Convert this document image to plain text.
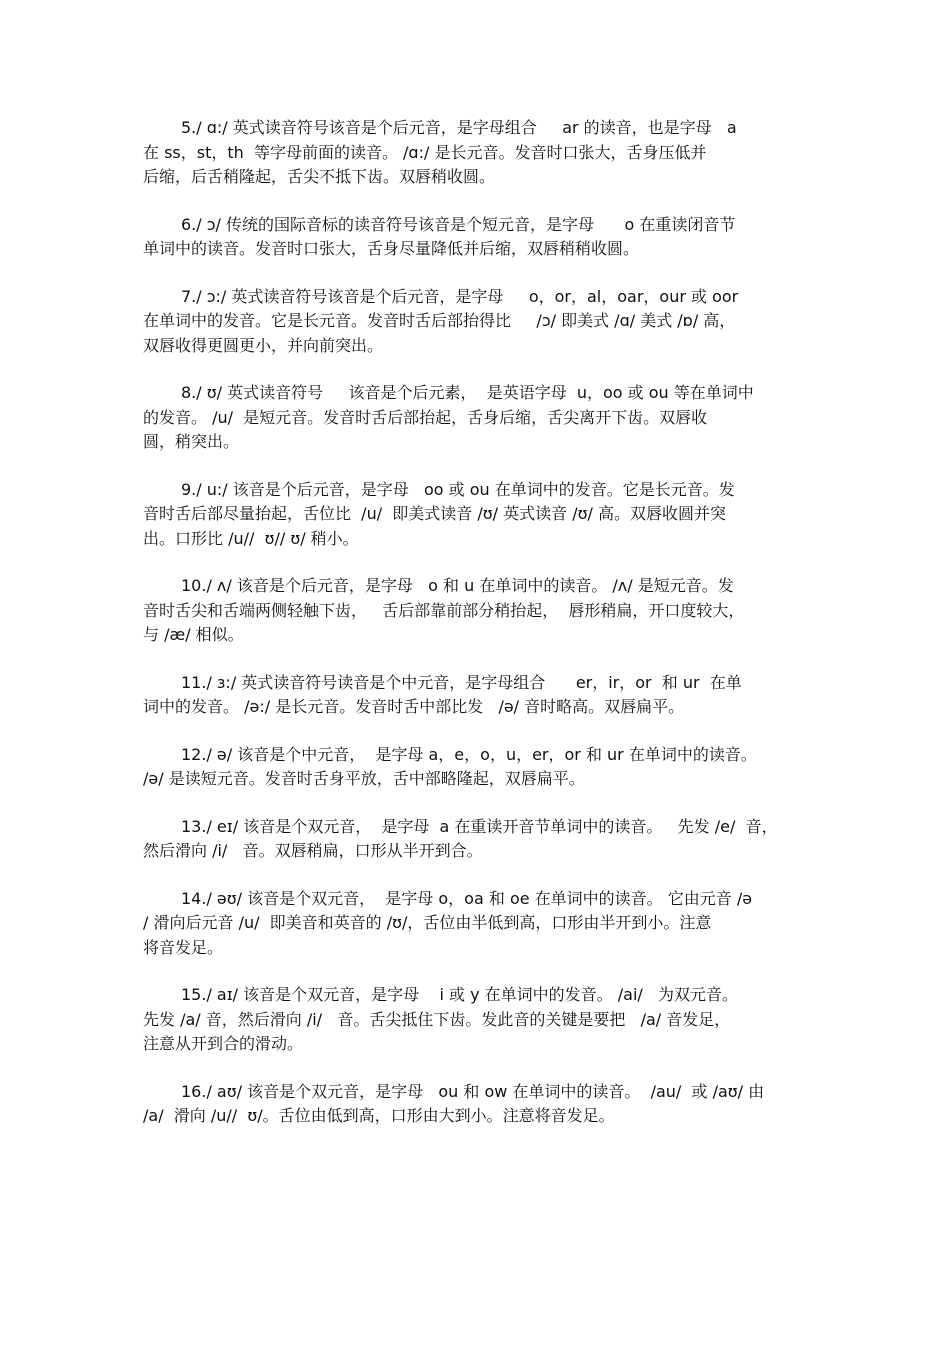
5./ ɑ:/ 英式读音符号该音是个后元音，是字母组合     ar 的读音，也是字母   a
在 ss，st，th  等字母前面的读音。 /ɑ:/ 是长元音。发音时口张大，舌身压低并
后缩，后舌稍隆起，舌尖不抵下齿。双唇稍收圆。
6./ ɔ/ 传统的国际音标的读音符号该音是个短元音，是字母      o 在重读闭音节
单词中的读音。发音时口张大，舌身尽量降低并后缩，双唇稍稍收圆。
7./ ɔ:/ 英式读音符号该音是个后元音，是字母     o，or，al，oar，our 或 oor
在单词中的发音。它是长元音。发音时舌后部抬得比     /ɔ/ 即美式 /ɑ/ 美式 /ɒ/ 高，
双唇收得更圆更小，并向前突出。
8./ ʊ/ 英式读音符号     该音是个后元素，  是英语字母  u，oo 或 ou 等在单词中
的发音。 /u/  是短元音。发音时舌后部抬起，舌身后缩，舌尖离开下齿。双唇收
圆，稍突出。
9./ u:/ 该音是个后元音，是字母   oo 或 ou 在单词中的发音。它是长元音。发
音时舌后部尽量抬起，舌位比  /u/  即美式读音 /ʊ/ 英式读音 /ʊ/ 高。双唇收圆并突
出。口形比 /u//  ʊ// ʊ/ 稍小。
10./ ʌ/ 该音是个后元音，是字母   o 和 u 在单词中的读音。 /ʌ/ 是短元音。发
音时舌尖和舌端两侧轻触下齿，   舌后部靠前部分稍抬起，  唇形稍扁，开口度较大，
与 /æ/ 相似。
11./ ɜ:/ 英式读音符号读音是个中元音，是字母组合      er，ir，or  和 ur  在单
词中的发音。 /ə:/ 是长元音。发音时舌中部比发   /ə/ 音时略高。双唇扁平。
12./ ə/ 该音是个中元音，  是字母 a，e，o，u，er，or 和 ur 在单词中的读音。
/ə/ 是读短元音。发音时舌身平放，舌中部略隆起，双唇扁平。
13./ eɪ/ 该音是个双元音，  是字母  a 在重读开音节单词中的读音。   先发 /e/  音，
然后滑向 /i/   音。双唇稍扁，口形从半开到合。
14./ əʊ/ 该音是个双元音，  是字母 o，oa 和 oe 在单词中的读音。 它由元音 /ə
/ 滑向后元音 /u/  即美音和英音的 /ʊ/，舌位由半低到高，口形由半开到小。注意
将音发足。
15./ aɪ/ 该音是个双元音，是字母    i 或 y 在单词中的发音。 /ai/   为双元音。
先发 /a/ 音，然后滑向 /i/   音。舌尖抵住下齿。发此音的关键是要把   /a/ 音发足，
注意从开到合的滑动。
16./ aʊ/ 该音是个双元音，是字母   ou 和 ow 在单词中的读音。  /au/  或 /aʊ/ 由
/a/  滑向 /u//  ʊ/。舌位由低到高，口形由大到小。注意将音发足。
